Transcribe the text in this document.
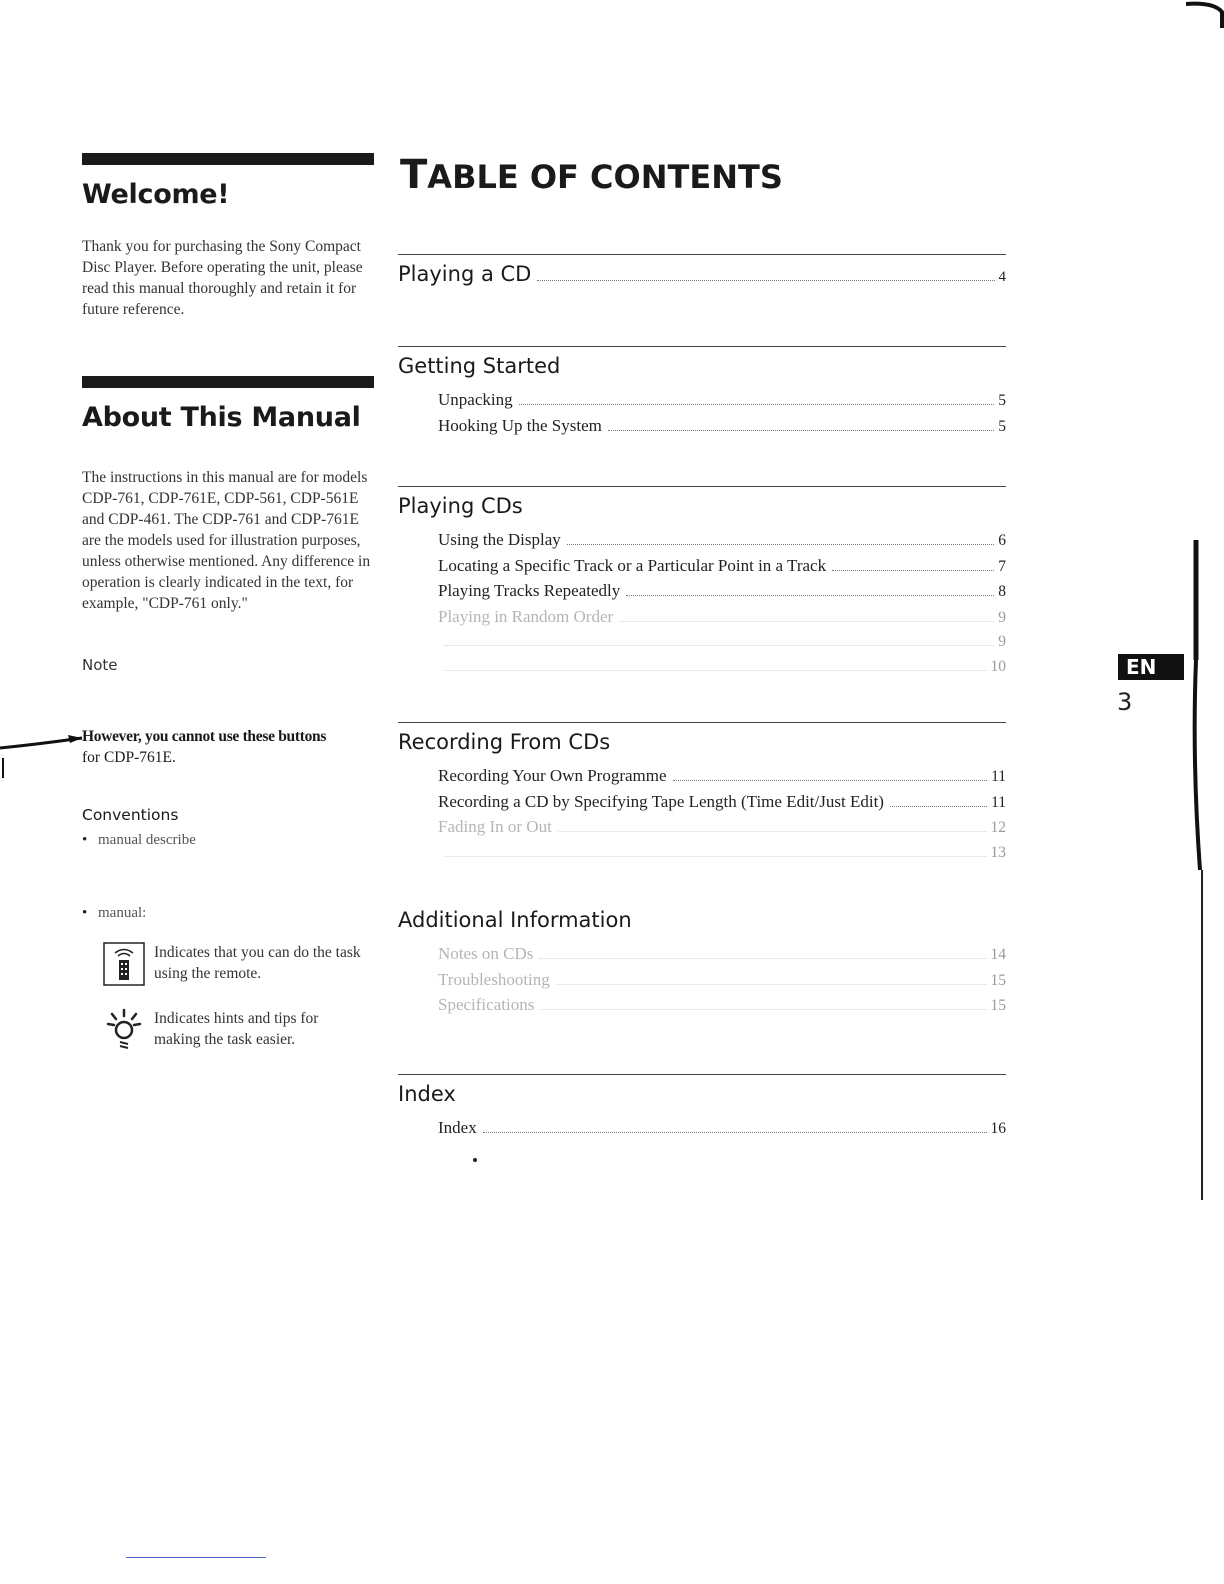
Welcome!

Thank you for purchasing the Sony Compact Disc Player. Before operating the unit, please read this manual thoroughly and retain it for future reference.

About This Manual

The instructions in this manual are for models CDP-761, CDP-761E, CDP-561, CDP-561E and CDP-461. The CDP-761 and CDP-761E are the models used for illustration purposes, unless otherwise mentioned. Any difference in operation is clearly indicated in the text, for example, "CDP-761 only."

Note

However, you cannot use these buttons
for CDP-761E.

Conventions
• manual describe
• manual:
Indicates that you can do the task using the remote.
Indicates hints and tips for making the task easier.
TABLE OF CONTENTS
Playing a CD	4
Getting Started
Unpacking	5
Hooking Up the System	5
Playing CDs
Using the Display	6
Locating a Specific Track or a Particular Point in a Track	7
Playing Tracks Repeatedly	8
Playing in Random Order	9
9
10
Recording From CDs
Recording Your Own Programme	11
Recording a CD by Specifying Tape Length (Time Edit/Just Edit)	11
Fading In or Out	12
13
Additional Information
Notes on CDs	14
Troubleshooting	15
Specifications	15
Index
Index	16
EN
3
